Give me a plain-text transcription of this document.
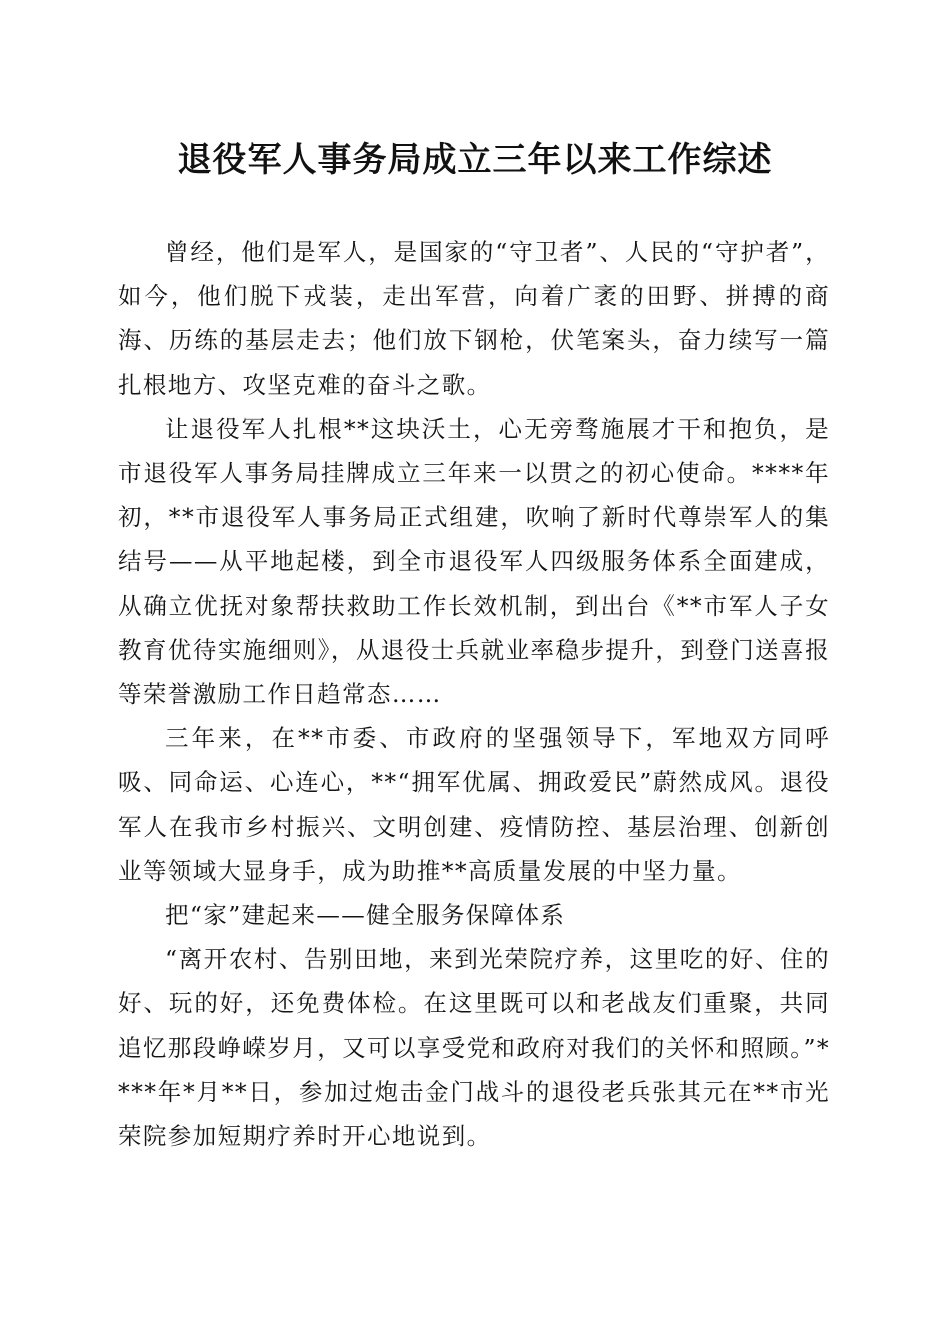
退役军人事务局成立三年以来工作综述

曾经，他们是军人，是国家的“守卫者”、人民的“守护者”，如今，他们脱下戎装，走出军营，向着广袤的田野、拼搏的商海、历练的基层走去；他们放下钢枪，伏笔案头，奋力续写一篇扎根地方、攻坚克难的奋斗之歌。

让退役军人扎根**这块沃土，心无旁骛施展才干和抱负，是市退役军人事务局挂牌成立三年来一以贯之的初心使命。****年初，**市退役军人事务局正式组建，吹响了新时代尊崇军人的集结号——从平地起楼，到全市退役军人四级服务体系全面建成，从确立优抚对象帮扶救助工作长效机制，到出台《**市军人子女教育优待实施细则》，从退役士兵就业率稳步提升，到登门送喜报等荣誉激励工作日趋常态……

三年来，在**市委、市政府的坚强领导下，军地双方同呼吸、同命运、心连心，**“拥军优属、拥政爱民”蔚然成风。退役军人在我市乡村振兴、文明创建、疫情防控、基层治理、创新创业等领域大显身手，成为助推**高质量发展的中坚力量。

把“家”建起来——健全服务保障体系

“离开农村、告别田地，来到光荣院疗养，这里吃的好、住的好、玩的好，还免费体检。在这里既可以和老战友们重聚，共同追忆那段峥嵘岁月，又可以享受党和政府对我们的关怀和照顾。”****年*月**日，参加过炮击金门战斗的退役老兵张其元在**市光荣院参加短期疗养时开心地说到。
